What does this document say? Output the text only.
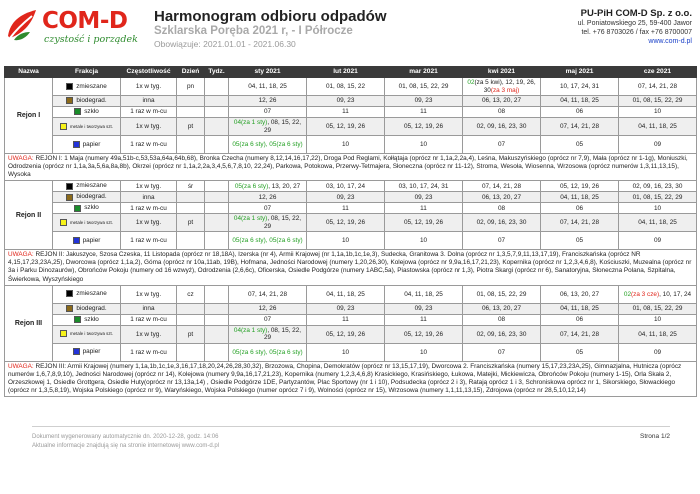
COM-D
czystość i porządek
Harmonogram odbioru odpadów
Szklarska Poręba 2021 r, - I Półrocze
Obowiązuje: 2021.01.01 - 2021.06.30
PU-PiH COM-D Sp. z o.o.
ul. Poniatowskiego 25, 59-400 Jawor
tel. +76 8703026 / fax +76 8700007
www.com-d.pl
Nazwa	Frakcja	Częstotliwość	Dzień	Tydz.	sty 2021	lut 2021	mar 2021	kwi 2021	maj 2021	cze 2021
Rejon I	zmieszane	1x w tyg.	pn		04, 11, 18, 25	01, 08, 15, 22	01, 08, 15, 22, 29	02(za 5 kwi), 12, 19, 26, 30(za 3 maj)	10, 17, 24, 31	07, 14, 21, 28
	biodegrad.	inna			12, 26	09, 23	09, 23	06, 13, 20, 27	04, 11, 18, 25	01, 08, 15, 22, 29
	szkło	1 raz w m-cu			07	11	11	08	06	10
	metale i tworzywa szt.	1x w tyg.	pt		04(za 1 sty), 08, 15, 22, 29	05, 12, 19, 26	05, 12, 19, 26	02, 09, 16, 23, 30	07, 14, 21, 28	04, 11, 18, 25
	papier	1 raz w m-cu			05(za 6 sty), 05(za 6 sty)	10	10	07	05	09
UWAGA: REJON I: 1 Maja (numery 49a,51b-c,53,53a,64a,64b,68), Bronka Czecha (numery 8,12,14,16,17,22), Droga Pod Reglami, Kołłątaja (oprócz nr 1,1a,2,2a,4), Leśna, Makuszyńskiego (oprócz nr 7,9), Mała (oprócz nr 1-1g), Moniuszki, Odrodzenia (oprócz nr 1,1a,3a,5,6a,8a,8b), Okrzei (oprócz nr 1,1a,2,2a,3,4,5,6,7,8,10, 22,24), Parkowa, Potokowa, Przerwy-Tetmajera, Słoneczna (oprócz nr 11-12), Stroma, Wesoła, Wiosenna, Wrzosowa (oprócz numerów 1,3,11,13,15), Wysoka										
Rejon II	zmieszane	1x w tyg.	śr		05(za 6 sty), 13, 20, 27	03, 10, 17, 24	03, 10, 17, 24, 31	07, 14, 21, 28	05, 12, 19, 26	02, 09, 16, 23, 30
	biodegrad.	inna			12, 26	09, 23	09, 23	06, 13, 20, 27	04, 11, 18, 25	01, 08, 15, 22, 29
	szkło	1 raz w m-cu			07	11	11	08	06	10
	metale i tworzywa szt.	1x w tyg.	pt		04(za 1 sty), 08, 15, 22, 29	05, 12, 19, 26	05, 12, 19, 26	02, 09, 16, 23, 30	07, 14, 21, 28	04, 11, 18, 25
	papier	1 raz w m-cu			05(za 6 sty), 05(za 6 sty)	10	10	07	05	09
UWAGA: REJON II: Jakuszyce, Szosa Czeska, 11 Listopada (oprócz nr 18,18A), Izerska (nr 4), Armii Krajowej (nr 1,1a,1b,1c,1e,3), Sudecka, Granitowa 3. Dolna (oprócz nr 1,3,5,7,9,11,13,17,19), Franciszkańska (oprócz NR 4,15,17,23,23A,25), Dworcowa (oprócz 1,1a,2), Góma (oprócz nr 10a,11ab, 19B), Hofmana, Jedności Narodowej (numery 1,20,26,30), Kolejowa (oprócz nr 9,9a,16,17,21,23), Kopernika (oprócz nr 1,2,3,4,6,8), Kościuszki, Muzealna (oprócz nr 3a i Parku Dinozaurów), Obrońców Pokoju (numery od 16 wzwyż), Odrodzenia (2,6,6c), Oficerska, Osiedle Podgórze (numery 1ABC,5a), Piastowska (oprócz nr 1,3), Piotra Skargi (oprócz nr 6), Sanatoryjna, Słoneczna Polana, Szpitalna, Świerkowa, Wyszyńskiego										
Rejon III	zmieszane	1x w tyg.	cz		07, 14, 21, 28	04, 11, 18, 25	04, 11, 18, 25	01, 08, 15, 22, 29	06, 13, 20, 27	02(za 3 cze), 10, 17, 24
	biodegrad.	inna			12, 26	09, 23	09, 23	06, 13, 20, 27	04, 11, 18, 25	01, 08, 15, 22, 29
	szkło	1 raz w m-cu			07	11	11	08	06	10
	metale i tworzywa szt.	1x w tyg.	pt		04(za 1 sty), 08, 15, 22, 29	05, 12, 19, 26	05, 12, 19, 26	02, 09, 16, 23, 30	07, 14, 21, 28	04, 11, 18, 25
	papier	1 raz w m-cu			05(za 6 sty), 05(za 6 sty)	10	10	07	05	09
UWAGA: REJON III: Armii Krajowej (numery 1,1a,1b,1c,1e,3,16,17,18,20,24,26,28,30,32), Brzozowa, Chopina, Demokratów (oprócz nr 13,15,17,19), Dworcowa 2. Franciszkańska (numery 15,17,23,23A,25), Gimnazjalna, Hutnicza (oprócz numerów 1,6,7,8,9,10), Jedności Narodowej (oprócz nr 14), Kolejowa (numery 9,9a,16,17,21,23), Kopernika (numery 1,2,3,4,6,8) Krasickiego, Krasińskiego, Łukowa, Matejki, Mickiewicza, Obrońców Pokoju (numery 1-15), Orla Skała 2, Orzeszkowej 1, Osiedle Grottgera, Osiedle Huty(oprócz nr 13,13a,14) , Osiedle Podgórze 1DE, Partyzantów, Plac Sportowy (nr 1 i 10), Podsudecka (oprócz 2 i 3), Ratają oprócz 1 i 3, Schroniskowa oprócz nr 1, Sikorskiego, Słowackiego (oprócz nr 1,3,5,8,19), Wojska Polskiego (oprócz nr 9), Waryńskiego, Wojska Polskiego (numer oprócz 7 i 9), Wolności (oprócz nr 15), Wrzosowa (numery 1,1,11,13,15), Zdrojowa (oprócz nr 28,5,10,12,14)										
Dokument wygenerowany automatycznie dn. 2020-12-28, godz. 14:06
Aktualne informacje znajdują się na stronie internetowej www.com-d.pl
Strona 1/2
